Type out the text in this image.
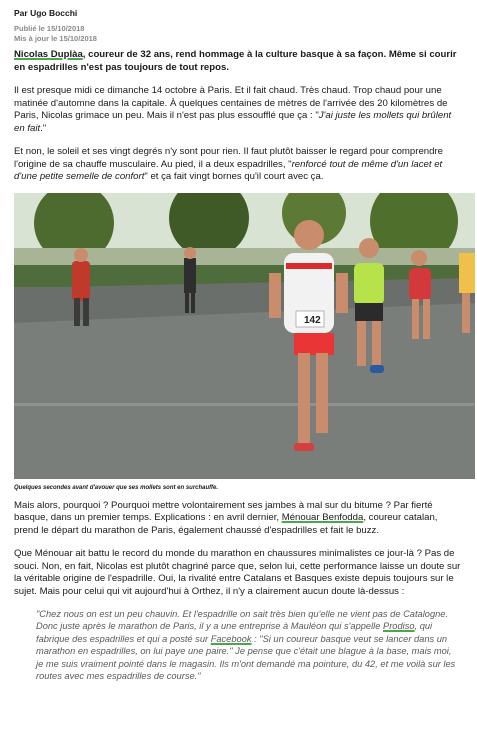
Par Ugo Bocchi
Publié le 15/10/2018
Mis à jour le 15/10/2018

Nicolas Duplàa, coureur de 32 ans, rend hommage à la culture basque à sa façon. Même si courir en espadrilles n'est pas toujours de tout repos.

Il est presque midi ce dimanche 14 octobre à Paris. Et il fait chaud. Très chaud. Trop chaud pour une matinée d'automne dans la capitale. À quelques centaines de mètres de l'arrivée des 20 kilomètres de Paris, Nicolas grimace un peu. Mais il n'est pas plus essoufflé que ça : "J'ai juste les mollets qui brûlent en fait."

Et non, le soleil et ses vingt degrés n'y sont pour rien. Il faut plutôt baisser le regard pour comprendre l'origine de sa chauffe musculaire. Au pied, il a deux espadrilles, "renforcé tout de même d'un lacet et d'une petite semelle de confort" et ça fait vingt bornes qu'il court avec ça.

142
Quelques secondes avant d'avouer que ses mollets sont en surchauffe.

Mais alors, pourquoi ? Pourquoi mettre volontairement ses jambes à mal sur du bitume ? Par fierté basque, dans un premier temps. Explications : en avril dernier, Ménouar Benfodda, coureur catalan, prend le départ du marathon de Paris, également chaussé d'espadrilles et fait le buzz.

Que Ménouar ait battu le record du monde du marathon en chaussures minimalistes ce jour-là ? Pas de souci. Non, en fait, Nicolas est plutôt chagriné parce que, selon lui, cette performance laisse un doute sur la véritable origine de l'espadrille. Oui, la rivalité entre Catalans et Basques existe depuis toujours sur le sujet. Mais pour celui qui vit aujourd'hui à Orthez, il n'y a clairement aucun doute là-dessus :

"Chez nous on est un peu chauvin. Et l'espadrille on sait très bien qu'elle ne vient pas de Catalogne. Donc juste après le marathon de Paris, il y a une entreprise à Mauléon qui s'appelle Prodiso, qui fabrique des espadrilles et qui a posté sur Facebook : "Si un coureur basque veut se lancer dans un marathon en espadrilles, on lui paye une paire." Je pense que c'était une blague à la base, mais moi, je me suis vraiment pointé dans le magasin. Ils m'ont demandé ma pointure, du 42, et me voilà sur les routes avec mes espadrilles de course."
